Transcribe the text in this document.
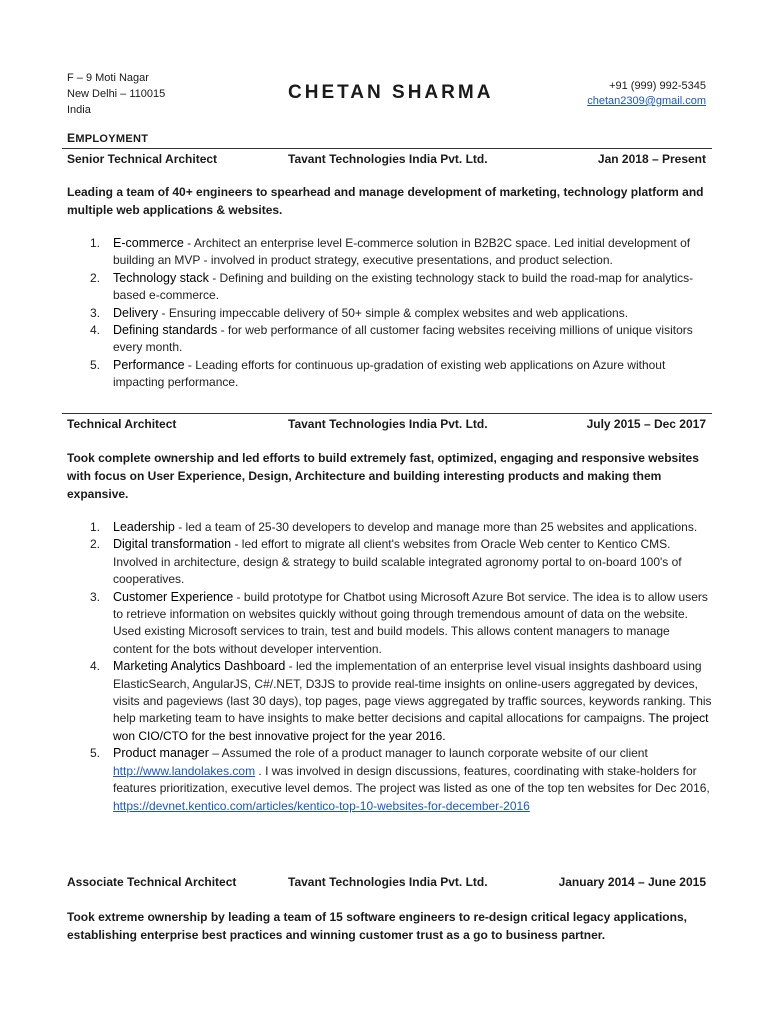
F – 9 Moti Nagar
New Delhi – 110015
India
CHETAN SHARMA	+91 (999) 992-5345
chetan2309@gmail.com
EMPLOYMENT
Senior Technical Architect	Tavant Technologies India Pvt. Ltd.	Jan 2018 – Present
Leading a team of 40+ engineers to spearhead and manage development of marketing, technology platform and multiple web applications & websites.
1. E-commerce - Architect an enterprise level E-commerce solution in B2B2C space. Led initial development of building an MVP - involved in product strategy, executive presentations, and product selection.
2. Technology stack - Defining and building on the existing technology stack to build the road-map for analytics-based e-commerce.
3. Delivery - Ensuring impeccable delivery of 50+ simple & complex websites and web applications.
4. Defining standards - for web performance of all customer facing websites receiving millions of unique visitors every month.
5. Performance - Leading efforts for continuous up-gradation of existing web applications on Azure without impacting performance.
Technical Architect	Tavant Technologies India Pvt. Ltd.	July 2015 – Dec 2017
Took complete ownership and led efforts to build extremely fast, optimized, engaging and responsive websites with focus on User Experience, Design, Architecture and building interesting products and making them expansive.
1. Leadership - led a team of 25-30 developers to develop and manage more than 25 websites and applications.
2. Digital transformation - led effort to migrate all client's websites from Oracle Web center to Kentico CMS. Involved in architecture, design & strategy to build scalable integrated agronomy portal to on-board 100's of cooperatives.
3. Customer Experience - build prototype for Chatbot using Microsoft Azure Bot service. The idea is to allow users to retrieve information on websites quickly without going through tremendous amount of data on the website. Used existing Microsoft services to train, test and build models. This allows content managers to manage content for the bots without developer intervention.
4. Marketing Analytics Dashboard - led the implementation of an enterprise level visual insights dashboard using ElasticSearch, AngularJS, C#/.NET, D3JS to provide real-time insights on online-users aggregated by devices, visits and pageviews (last 30 days), top pages, page views aggregated by traffic sources, keywords ranking. This help marketing team to have insights to make better decisions and capital allocations for campaigns. The project won CIO/CTO for the best innovative project for the year 2016.
5. Product manager – Assumed the role of a product manager to launch corporate website of our client http://www.landolakes.com . I was involved in design discussions, features, coordinating with stake-holders for features prioritization, executive level demos. The project was listed as one of the top ten websites for Dec 2016, https://devnet.kentico.com/articles/kentico-top-10-websites-for-december-2016
Associate Technical Architect	Tavant Technologies India Pvt. Ltd.	January 2014 – June 2015
Took extreme ownership by leading a team of 15 software engineers to re-design critical legacy applications, establishing enterprise best practices and winning customer trust as a go to business partner.
